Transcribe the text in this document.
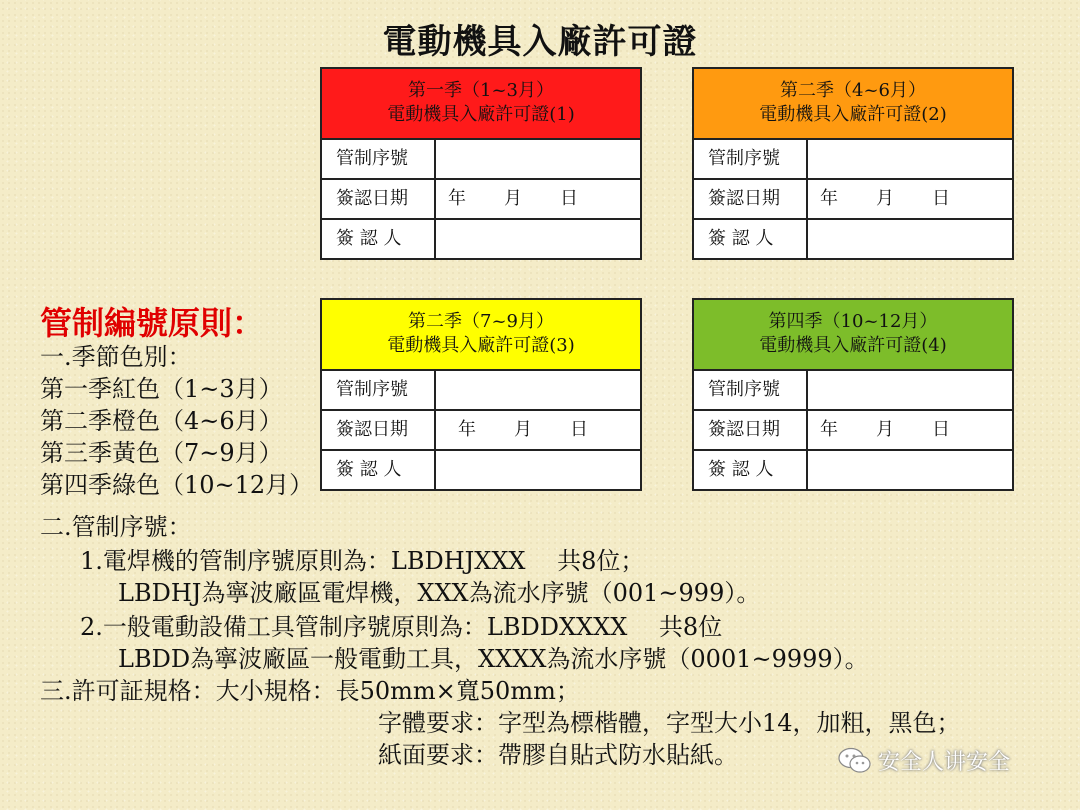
電動機具入廠許可證
第一季（1~3月）
電動機具入廠許可證(1)
管制序號
簽認日期	年 月 日
簽 認 人
第二季（4~6月）
電動機具入廠許可證(2)
管制序號
簽認日期	年 月 日
簽 認 人
第二季（7~9月）
電動機具入廠許可證(3)
管制序號
簽認日期	年 月 日
簽 認 人
第四季（10~12月）
電動機具入廠許可證(4)
管制序號
簽認日期	年 月 日
簽 認 人
管制編號原則：
一.季節色別：
第一季紅色（1~3月）
第二季橙色（4~6月）
第三季黃色（7~9月）
第四季綠色（10~12月）
二.管制序號：
1.電焊機的管制序號原則為：LBDHJXXX　 共8位；
LBDHJ為寧波廠區電焊機，XXX為流水序號（001~999）。
2.一般電動設備工具管制序號原則為：LBDDXXXX　 共8位
LBDD為寧波廠區一般電動工具，XXXX為流水序號（0001~9999）。
三.許可証規格：大小規格：長50mm×寬50mm；
字體要求：字型為標楷體，字型大小14，加粗，黑色；
紙面要求：帶膠自貼式防水貼紙。	安全人讲安全
